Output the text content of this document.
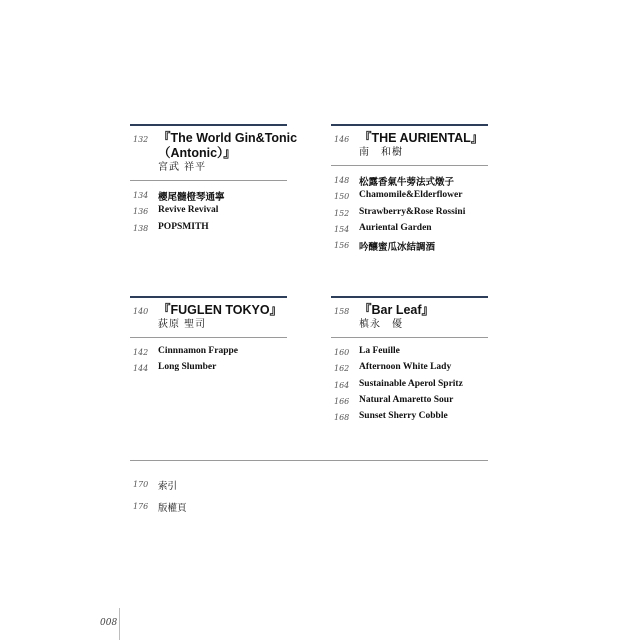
132 『The World Gin&Tonic
（Antonic）』
宮武 祥平
134 櫻尾髓橙琴通寧
136 Revive Revival
138 POPSMITH
146 『THE AURIENTAL』
南　和樹
148 松露香氣牛蒡法式燉子
150 Chamomile&Elderflower
152 Strawberry&Rose Rossini
154 Auriental Garden
156 吟釀蜜瓜冰結調酒
140 『FUGLEN TOKYO』
荻原 聖司
142 Cinnnamon Frappe
144 Long Slumber
158 『Bar Leaf』
槙永　優
160 La Feuille
162 Afternoon White Lady
164 Sustainable Aperol Spritz
166 Natural Amaretto Sour
168 Sunset Sherry Cobble
170 索引
176 版權頁
008
